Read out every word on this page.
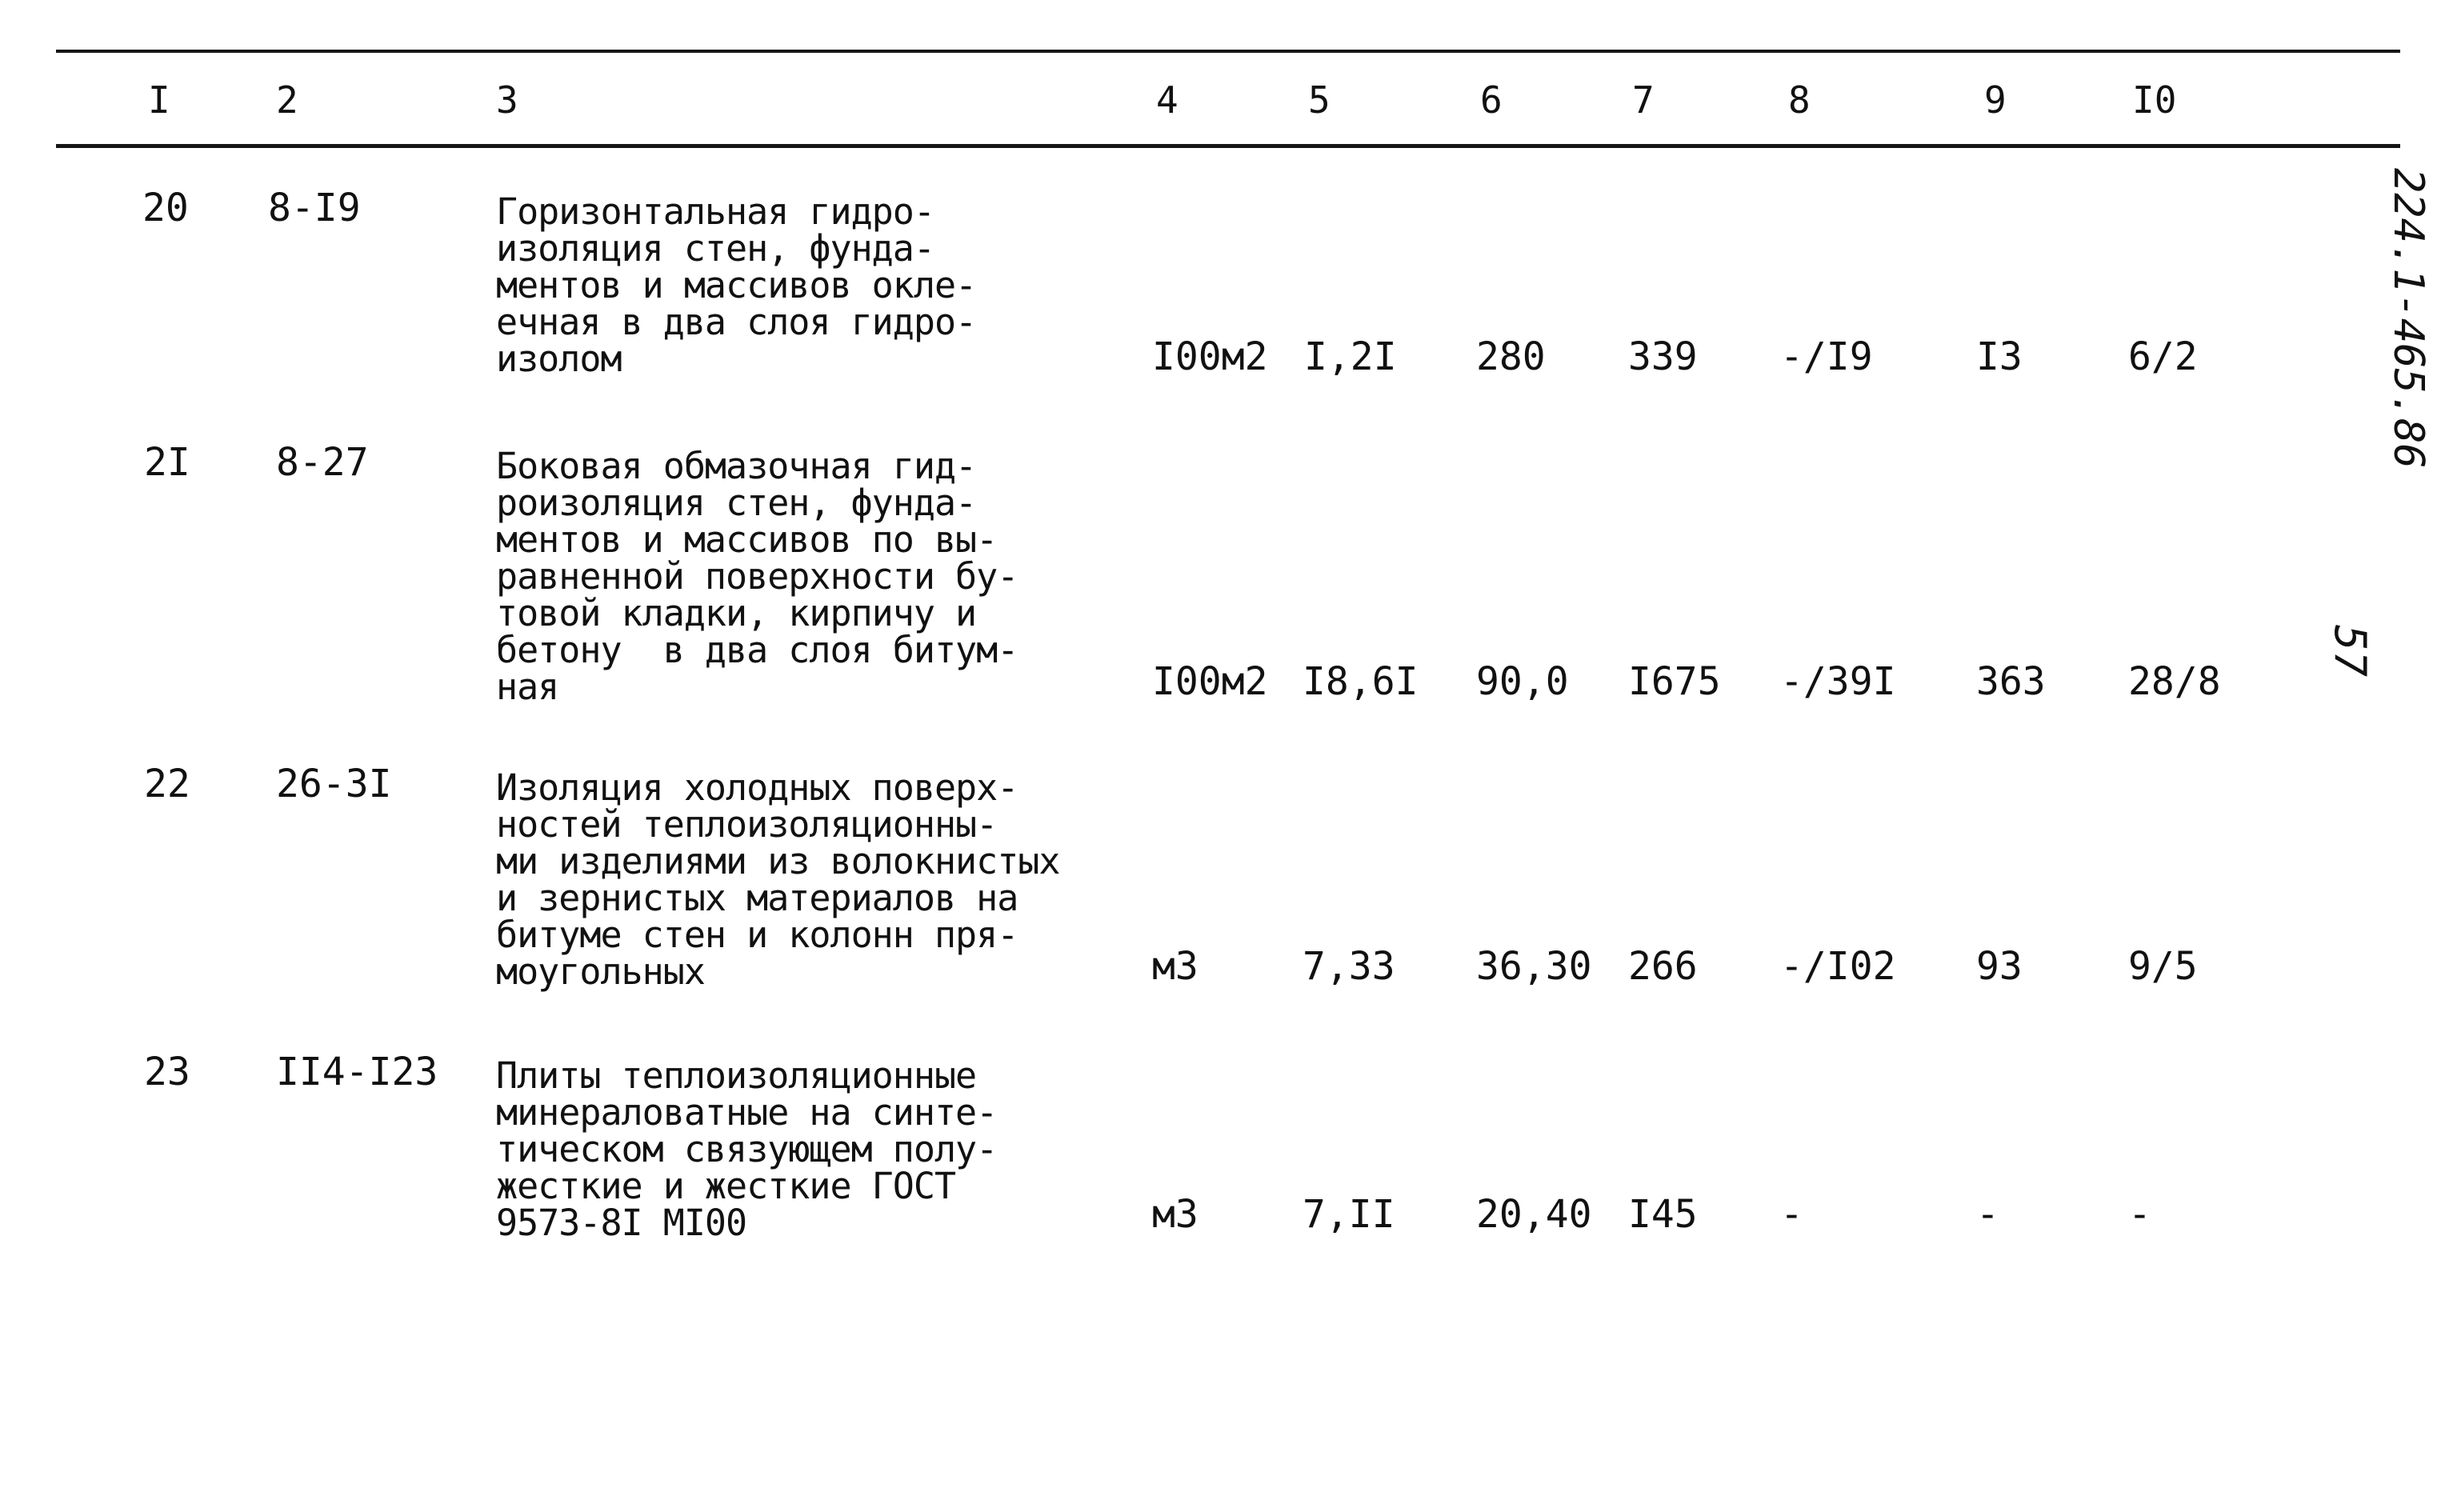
I	2	3	4	5	6	7	8	9	I0
20 8-I9	Горизонтальная гидро-
изоляция стен, фунда-
ментов и массивов окле-
ечная в два слоя гидро-
изолом	I00м2 I,2I 280 339 -/I9	I3	6/2
2I 8-27	Боковая обмазочная гид-
роизоляция стен, фунда-
ментов и массивов по вы-
равненной поверхности бу-
товой кладки, кирпичу и
бетону  в два слоя битум-
ная	I00м2 I8,6I 90,0 I675 -/39I 363 28/8
22 26-3I	Изоляция холодных поверх-
ностей теплоизоляционны-
ми изделиями из волокнистых
и зернистых материалов на
битуме стен и колонн пря-
моугольных	м3	7,33 36,30 266 -/I02 93	9/5
23 II4-I23 Плиты теплоизоляционные
минераловатные на синте-
тическом связующем полу-
жесткие и жесткие ГОСТ
9573-8I МI00	м3	7,II 20,40 I45 -	-	-
224.1-465.86
57
